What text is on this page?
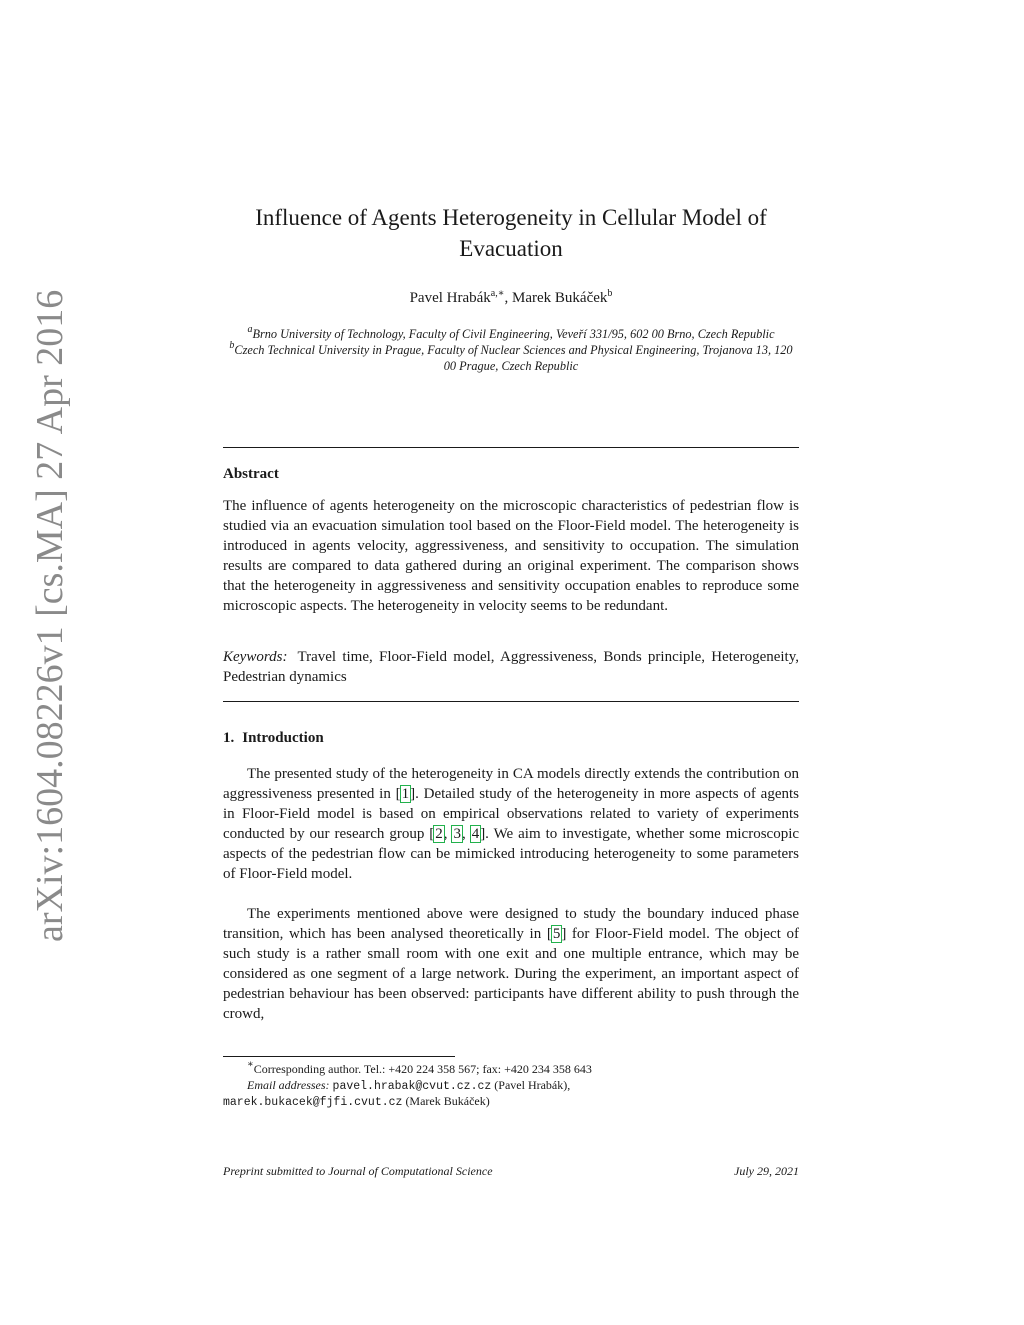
arXiv:1604.08226v1 [cs.MA] 27 Apr 2016
Influence of Agents Heterogeneity in Cellular Model of Evacuation
Pavel Hrabák$^{a,∗}$, Marek Bukáček$^b$
$^a$Brno University of Technology, Faculty of Civil Engineering, Veveří 331/95, 602 00 Brno, Czech Republic
$^b$Czech Technical University in Prague, Faculty of Nuclear Sciences and Physical Engineering, Trojanova 13, 120 00 Prague, Czech Republic
Abstract
The influence of agents heterogeneity on the microscopic characteristics of pedestrian flow is studied via an evacuation simulation tool based on the Floor-Field model. The heterogeneity is introduced in agents velocity, aggressiveness, and sensitivity to occupation. The simulation results are compared to data gathered during an original experiment. The comparison shows that the heterogeneity in aggressiveness and sensitivity occupation enables to reproduce some microscopic aspects. The heterogeneity in velocity seems to be redundant.
Keywords: Travel time, Floor-Field model, Aggressiveness, Bonds principle, Heterogeneity, Pedestrian dynamics
1. Introduction
The presented study of the heterogeneity in CA models directly extends the contribution on aggressiveness presented in [1]. Detailed study of the heterogeneity in more aspects of agents in Floor-Field model is based on empirical observations related to variety of experiments conducted by our research group [2, 3, 4]. We aim to investigate, whether some microscopic aspects of the pedestrian flow can be mimicked introducing heterogeneity to some parameters of Floor-Field model.
The experiments mentioned above were designed to study the boundary induced phase transition, which has been analysed theoretically in [5] for Floor-Field model. The object of such study is a rather small room with one exit and one multiple entrance, which may be considered as one segment of a large network. During the experiment, an important aspect of pedestrian behaviour has been observed: participants have different ability to push through the crowd,
∗Corresponding author. Tel.: +420 224 358 567; fax: +420 234 358 643
Email addresses: pavel.hrabak@cvut.cz.cz (Pavel Hrabák),
marek.bukacek@fjfi.cvut.cz (Marek Bukáček)
Preprint submitted to Journal of Computational Science	July 29, 2021
